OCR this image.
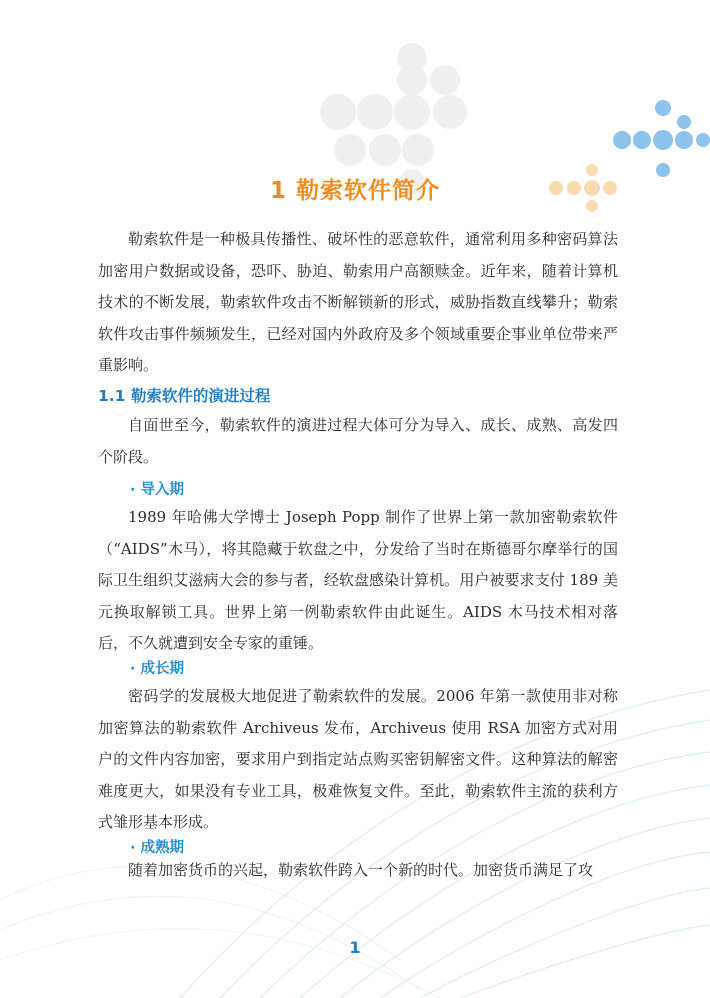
1 勒索软件简介

勒索软件是一种极具传播性、破坏性的恶意软件，通常利用多种密码算法加密用户数据或设备，恐吓、胁迫、勒索用户高额赎金。近年来，随着计算机技术的不断发展，勒索软件攻击不断解锁新的形式，威胁指数直线攀升；勒索软件攻击事件频频发生，已经对国内外政府及多个领域重要企事业单位带来严重影响。

1.1 勒索软件的演进过程

自面世至今，勒索软件的演进过程大体可分为导入、成长、成熟、高发四个阶段。

· 导入期

1989 年哈佛大学博士 Joseph Popp 制作了世界上第一款加密勒索软件（“AIDS”木马），将其隐藏于软盘之中，分发给了当时在斯德哥尔摩举行的国际卫生组织艾滋病大会的参与者，经软盘感染计算机。用户被要求支付 189 美元换取解锁工具。世界上第一例勒索软件由此诞生。AIDS 木马技术相对落后，不久就遭到安全专家的重锤。

· 成长期

密码学的发展极大地促进了勒索软件的发展。2006 年第一款使用非对称加密算法的勒索软件 Archiveus 发布，Archiveus 使用 RSA 加密方式对用户的文件内容加密，要求用户到指定站点购买密钥解密文件。这种算法的解密难度更大，如果没有专业工具，极难恢复文件。至此，勒索软件主流的获利方式雏形基本形成。

· 成熟期

随着加密货币的兴起，勒索软件跨入一个新的时代。加密货币满足了攻

1
